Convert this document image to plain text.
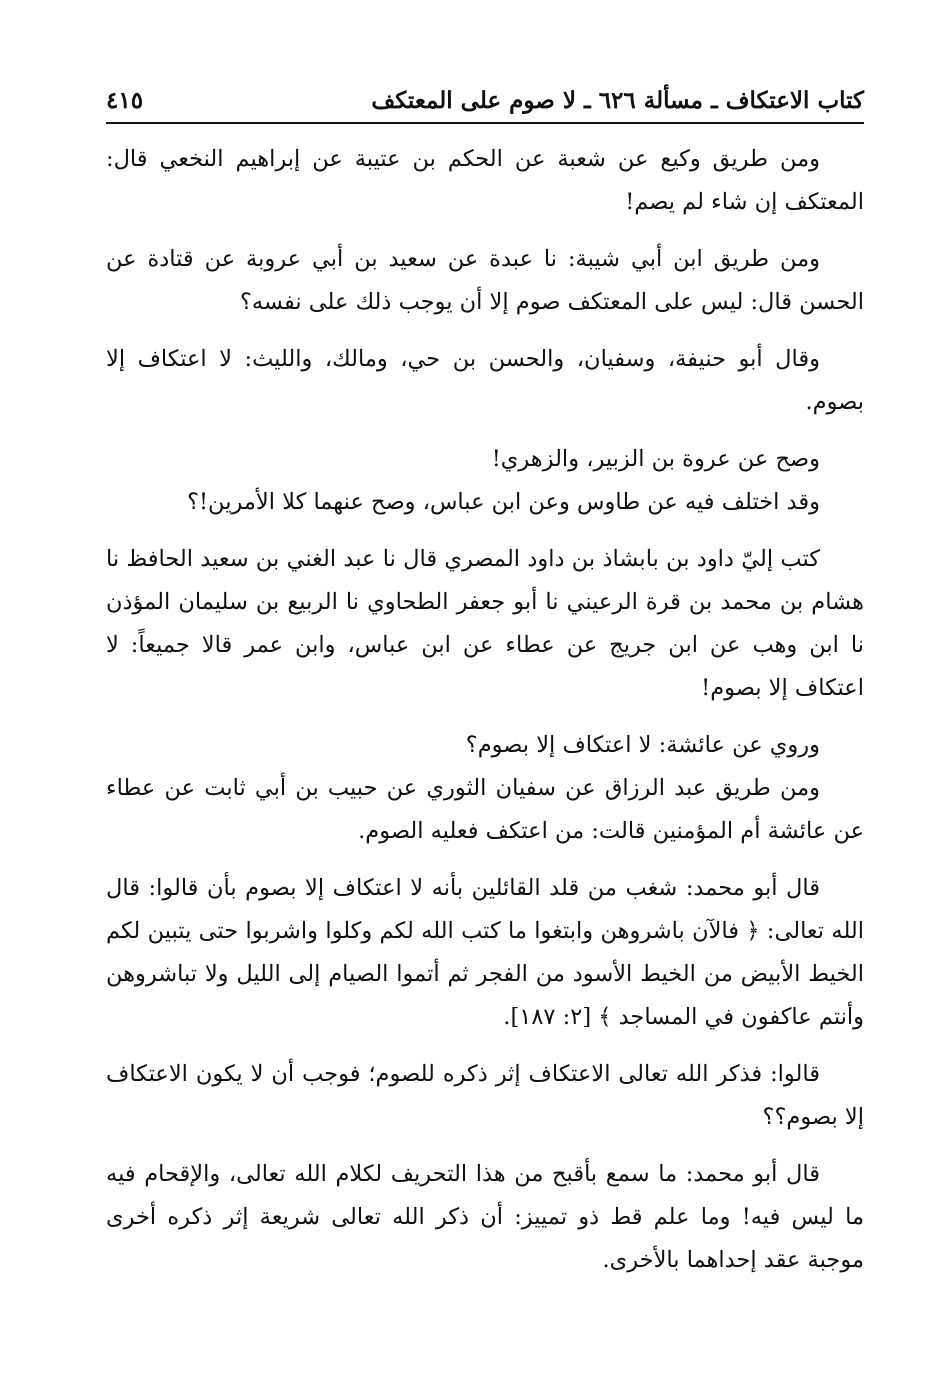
كتاب الاعتكاف ـ مسألة ٦٢٦ ـ لا صوم على المعتكف
٤١٥

ومن طريق وكيع عن شعبة عن الحكم بن عتيبة عن إبراهيم النخعي قال: المعتكف إن شاء لم يصم!

ومن طريق ابن أبي شيبة: نا عبدة عن سعيد بن أبي عروبة عن قتادة عن الحسن قال: ليس على المعتكف صوم إلا أن يوجب ذلك على نفسه؟

وقال أبو حنيفة، وسفيان، والحسن بن حي، ومالك، والليث: لا اعتكاف إلا بصوم.

وصح عن عروة بن الزبير، والزهري!

وقد اختلف فيه عن طاوس وعن ابن عباس، وصح عنهما كلا الأمرين!؟

كتب إليّ داود بن بابشاذ بن داود المصري قال نا عبد الغني بن سعيد الحافظ نا هشام بن محمد بن قرة الرعيني نا أبو جعفر الطحاوي نا الربيع بن سليمان المؤذن نا ابن وهب عن ابن جريج عن عطاء عن ابن عباس، وابن عمر قالا جميعاً: لا اعتكاف إلا بصوم!

وروي عن عائشة: لا اعتكاف إلا بصوم؟

ومن طريق عبد الرزاق عن سفيان الثوري عن حبيب بن أبي ثابت عن عطاء عن عائشة أم المؤمنين قالت: من اعتكف فعليه الصوم.

قال أبو محمد: شغب من قلد القائلين بأنه لا اعتكاف إلا بصوم بأن قالوا: قال الله تعالى: ﴿ فالآن باشروهن وابتغوا ما كتب الله لكم وكلوا واشربوا حتى يتبين لكم الخيط الأبيض من الخيط الأسود من الفجر ثم أتموا الصيام إلى الليل ولا تباشروهن وأنتم عاكفون في المساجد ﴾ [٢: ١٨٧].

قالوا: فذكر الله تعالى الاعتكاف إثر ذكره للصوم؛ فوجب أن لا يكون الاعتكاف إلا بصوم؟؟

قال أبو محمد: ما سمع بأقبح من هذا التحريف لكلام الله تعالى، والإقحام فيه ما ليس فيه! وما علم قط ذو تمييز: أن ذكر الله تعالى شريعة إثر ذكره أخرى موجبة عقد إحداهما بالأخرى.
